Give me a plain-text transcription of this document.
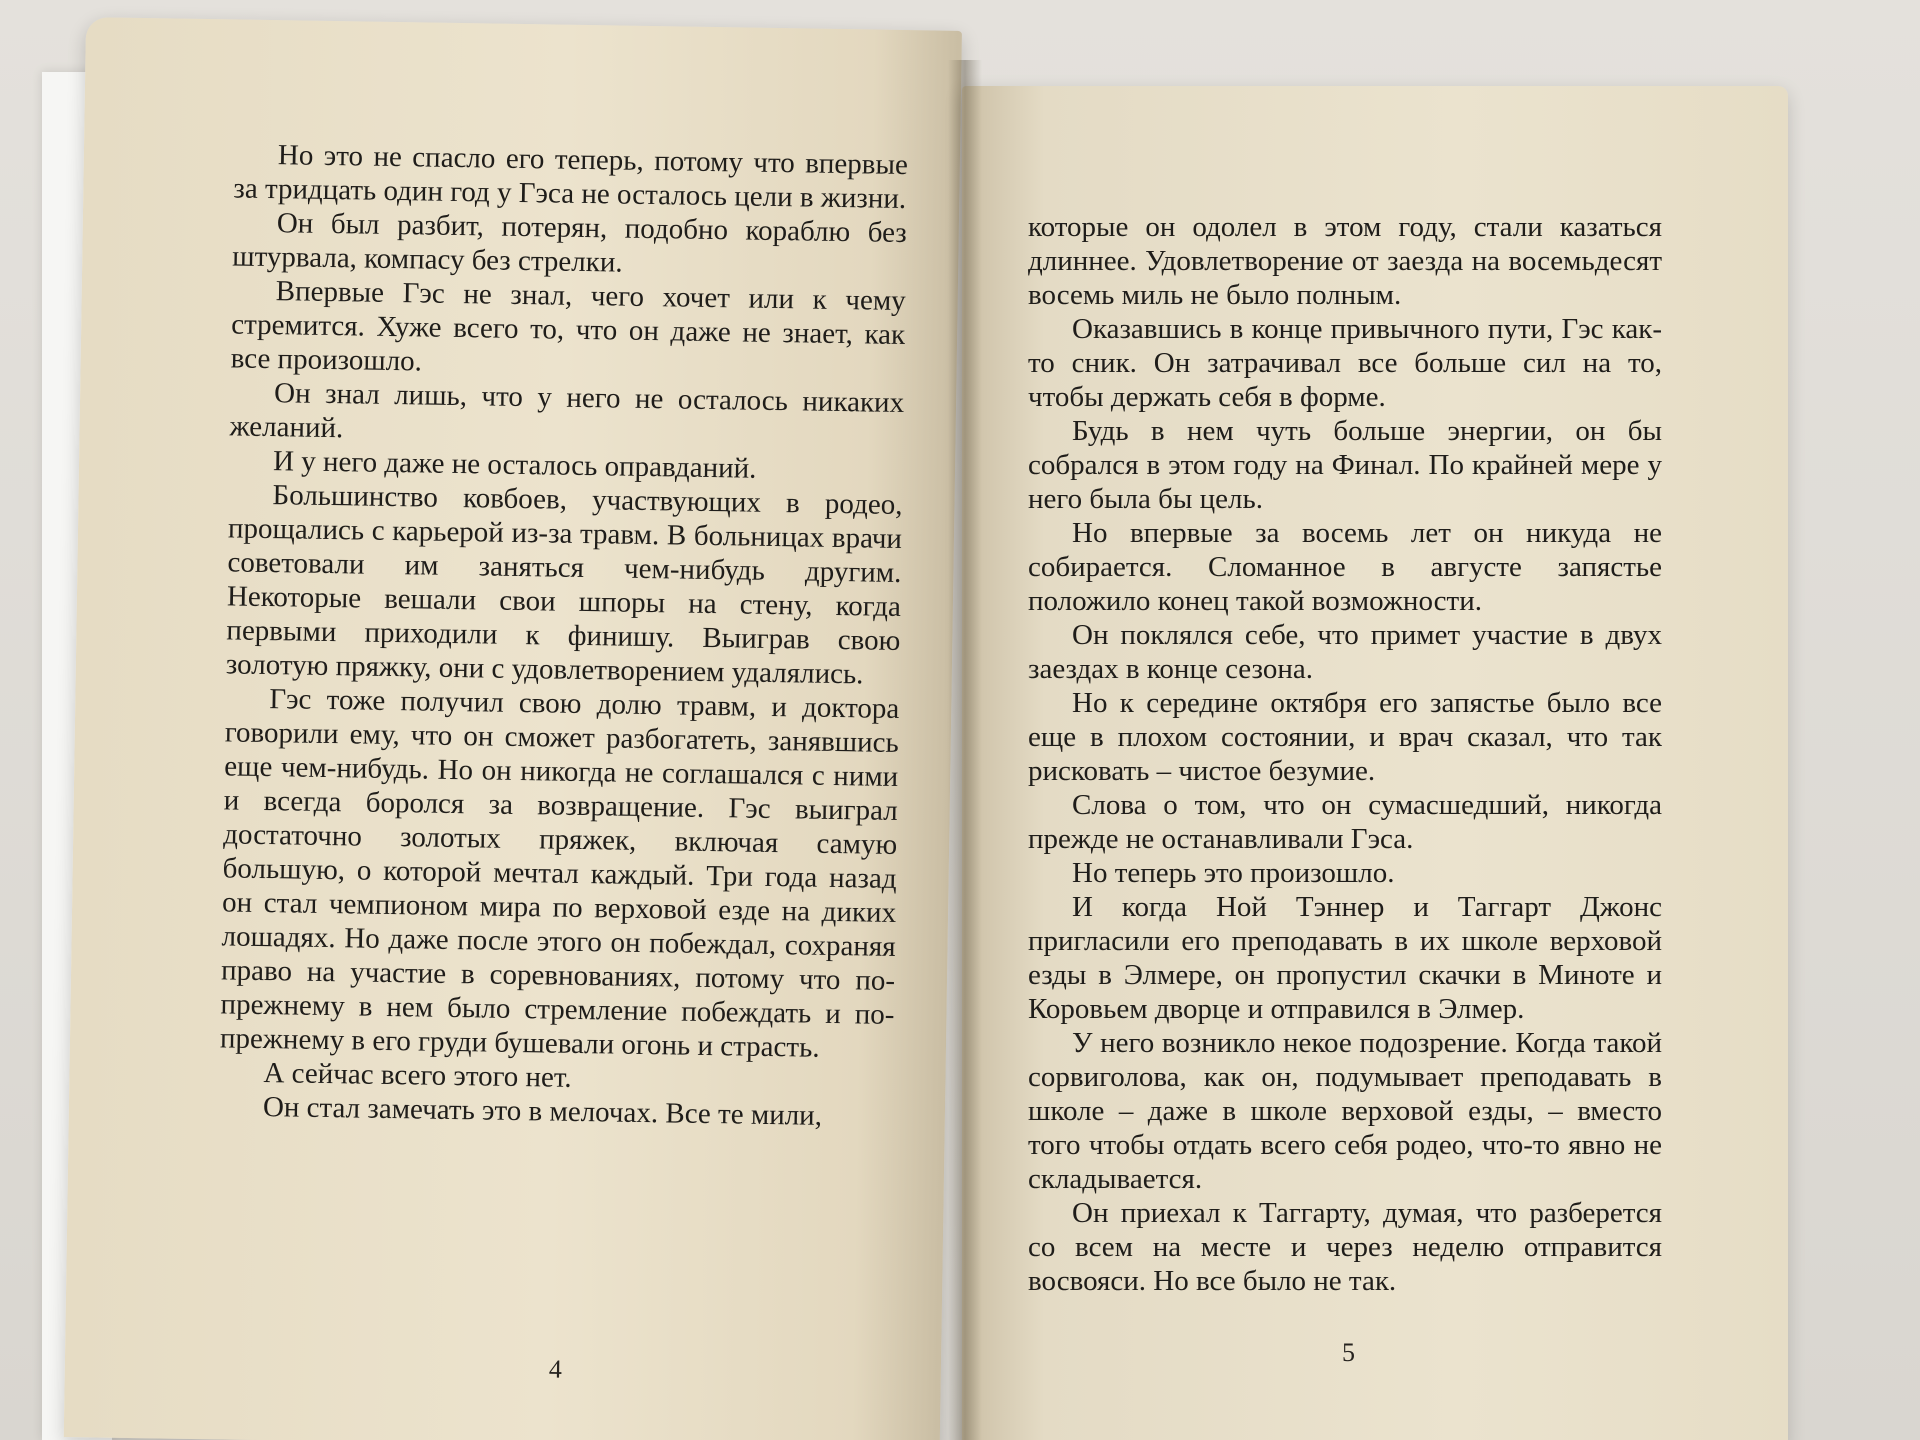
Но это не спасло его теперь, потому что впервые за тридцать один год у Гэса не осталось цели в жизни.

Он был разбит, потерян, подобно кораблю без штурвала, компасу без стрелки.

Впервые Гэс не знал, чего хочет или к чему стремится. Хуже всего то, что он даже не знает, как все произошло.

Он знал лишь, что у него не осталось никаких желаний.

И у него даже не осталось оправданий.

Большинство ковбоев, участвующих в родео, прощались с карьерой из-за травм. В больницах врачи советовали им заняться чем-нибудь другим. Некоторые вешали свои шпоры на стену, когда первыми приходили к финишу. Выиграв свою золотую пряжку, они с удовлетворением удалялись.

Гэс тоже получил свою долю травм, и доктора говорили ему, что он сможет разбогатеть, занявшись еще чем-нибудь. Но он никогда не соглашался с ними и всегда боролся за возвращение. Гэс выиграл достаточно золотых пряжек, включая самую большую, о которой мечтал каждый. Три года назад он стал чемпионом мира по верховой езде на диких лошадях. Но даже после этого он побеждал, сохраняя право на участие в соревнованиях, потому что по-прежнему в нем было стремление побеждать и по-прежнему в его груди бушевали огонь и страсть.

А сейчас всего этого нет.

Он стал замечать это в мелочах. Все те мили,

4

которые он одолел в этом году, стали казаться длиннее. Удовлетворение от заезда на восемьдесят восемь миль не было полным.

Оказавшись в конце привычного пути, Гэс как-то сник. Он затрачивал все больше сил на то, чтобы держать себя в форме.

Будь в нем чуть больше энергии, он бы собрался в этом году на Финал. По крайней мере у него была бы цель.

Но впервые за восемь лет он никуда не собирается. Сломанное в августе запястье положило конец такой возможности.

Он поклялся себе, что примет участие в двух заездах в конце сезона.

Но к середине октября его запястье было все еще в плохом состоянии, и врач сказал, что так рисковать – чистое безумие.

Слова о том, что он сумасшедший, никогда прежде не останавливали Гэса.

Но теперь это произошло.

И когда Ной Тэннер и Таггарт Джонс пригласили его преподавать в их школе верховой езды в Элмере, он пропустил скачки в Миноте и Коровьем дворце и отправился в Элмер.

У него возникло некое подозрение. Когда такой сорвиголова, как он, подумывает преподавать в школе – даже в школе верховой езды, – вместо того чтобы отдать всего себя родео, что-то явно не складывается.

Он приехал к Таггарту, думая, что разберется со всем на месте и через неделю отправится восвояси. Но все было не так.

5
